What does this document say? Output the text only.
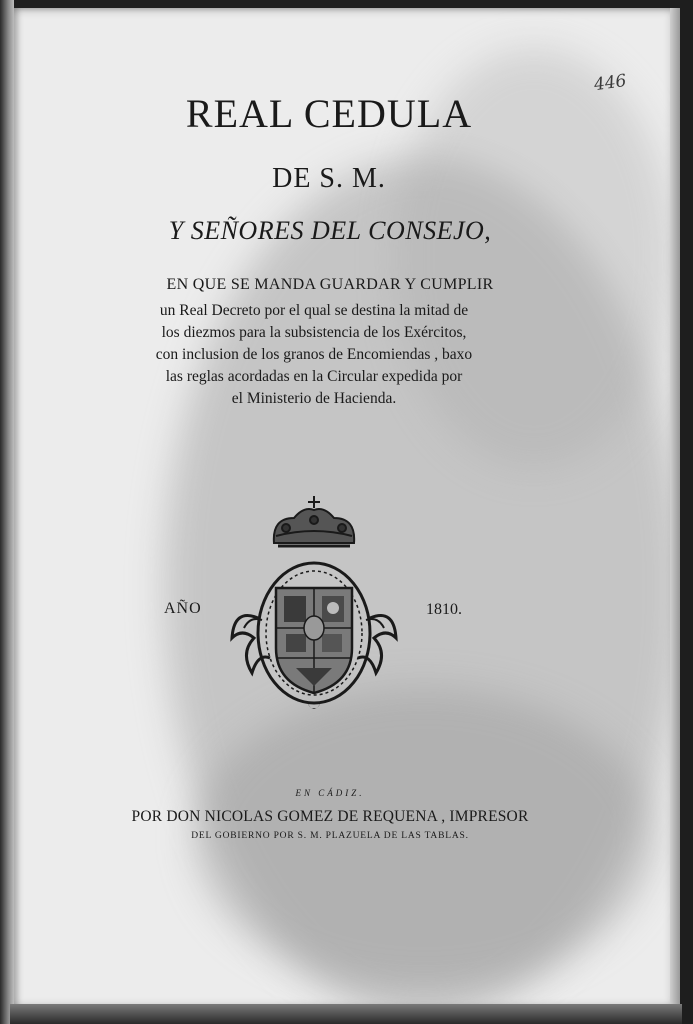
446
REAL CEDULA
DE S. M.
Y SEÑORES DEL CONSEJO,
EN QUE SE MANDA GUARDAR Y CUMPLIR
un Real Decreto por el qual se destina la mitad de
los diezmos para la subsistencia de los Exércitos,
con inclusion de los granos de Encomiendas , baxo
las reglas acordadas en la Circular expedida por
el Ministerio de Hacienda.
AÑO	1810.
EN CÁDIZ.
POR DON NICOLAS GOMEZ DE REQUENA , IMPRESOR
DEL GOBIERNO POR S. M. PLAZUELA DE LAS TABLAS.
